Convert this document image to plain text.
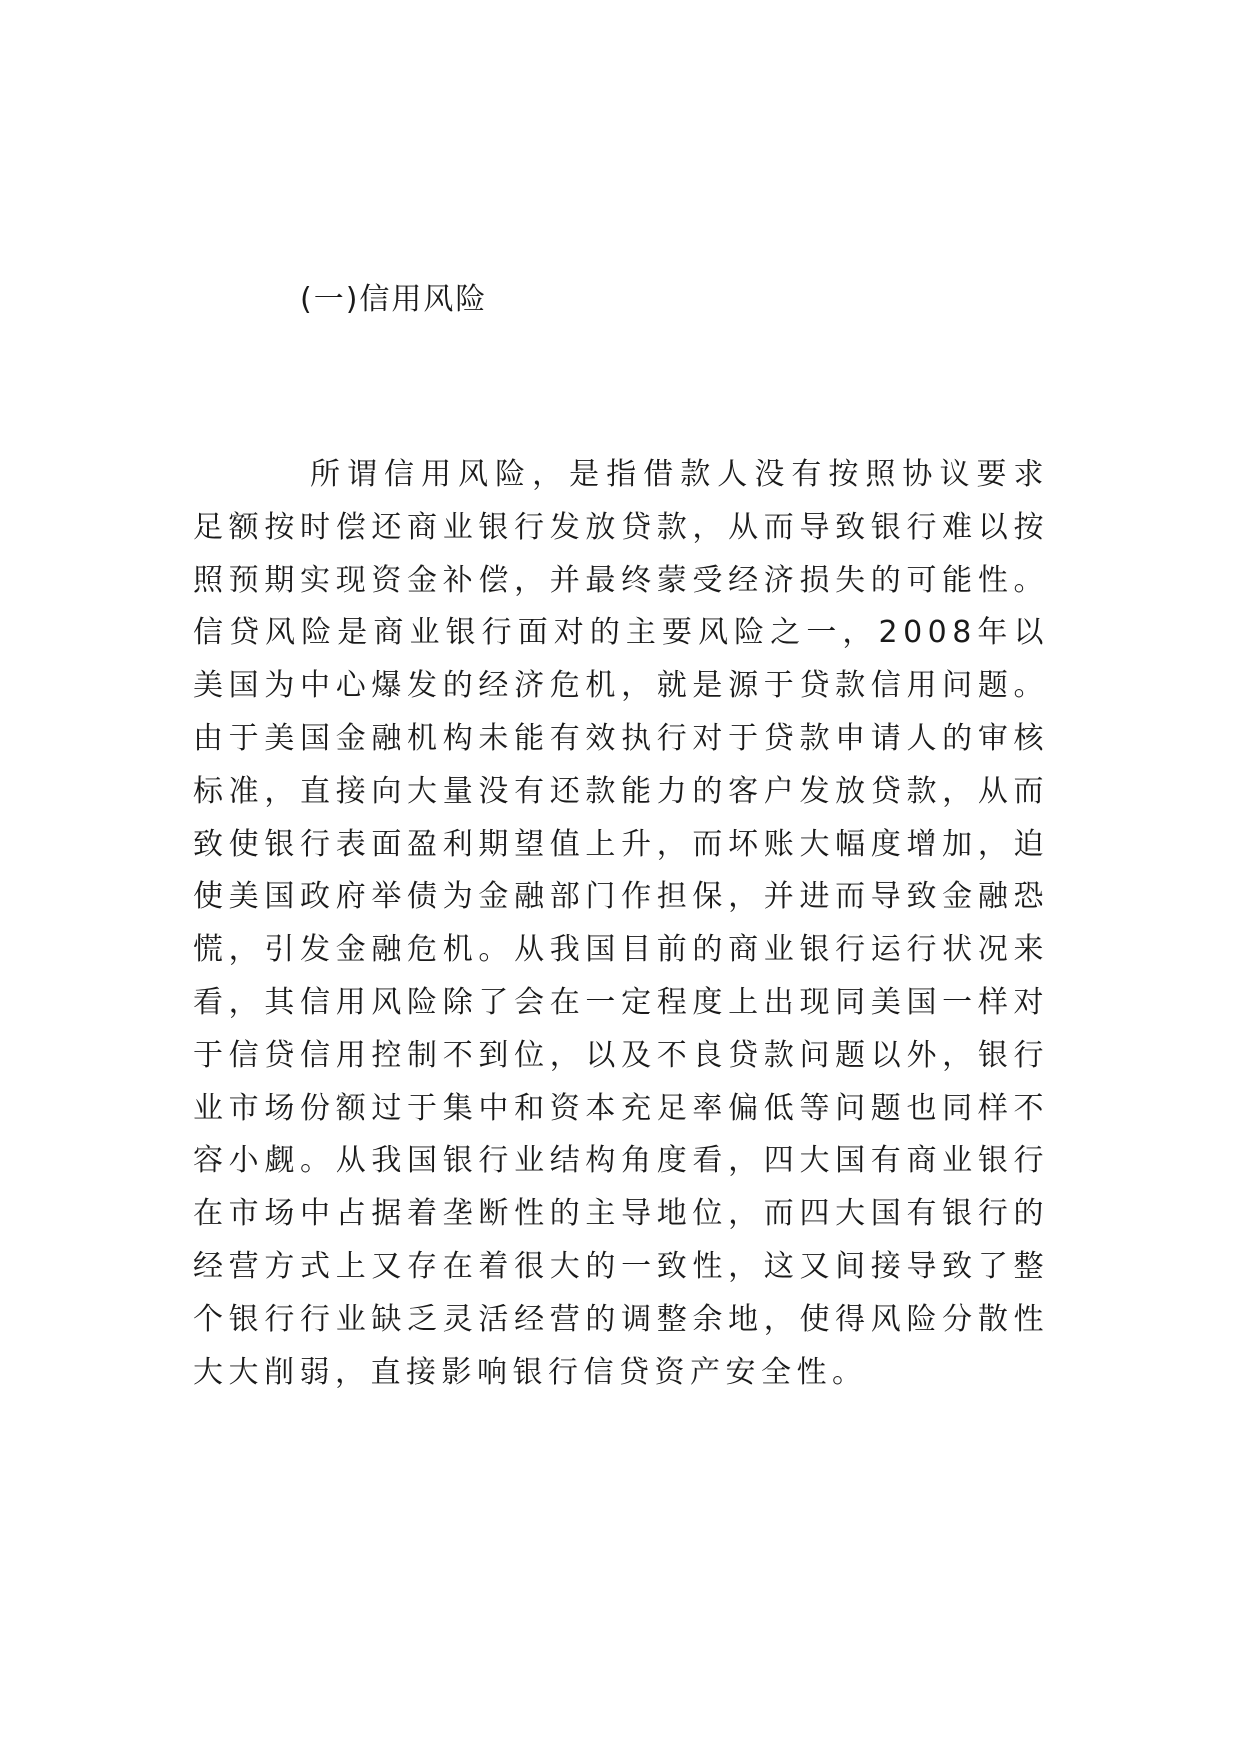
(一)信用风险

所谓信用风险，是指借款人没有按照协议要求足额按时偿还商业银行发放贷款，从而导致银行难以按照预期实现资金补偿，并最终蒙受经济损失的可能性。信贷风险是商业银行面对的主要风险之一，2008年以美国为中心爆发的经济危机，就是源于贷款信用问题。由于美国金融机构未能有效执行对于贷款申请人的审核标准，直接向大量没有还款能力的客户发放贷款，从而致使银行表面盈利期望值上升，而坏账大幅度增加，迫使美国政府举债为金融部门作担保，并进而导致金融恐慌，引发金融危机。从我国目前的商业银行运行状况来看，其信用风险除了会在一定程度上出现同美国一样对于信贷信用控制不到位，以及不良贷款问题以外，银行业市场份额过于集中和资本充足率偏低等问题也同样不容小觑。从我国银行业结构角度看，四大国有商业银行在市场中占据着垄断性的主导地位，而四大国有银行的经营方式上又存在着很大的一致性，这又间接导致了整个银行行业缺乏灵活经营的调整余地，使得风险分散性大大削弱，直接影响银行信贷资产安全性。
